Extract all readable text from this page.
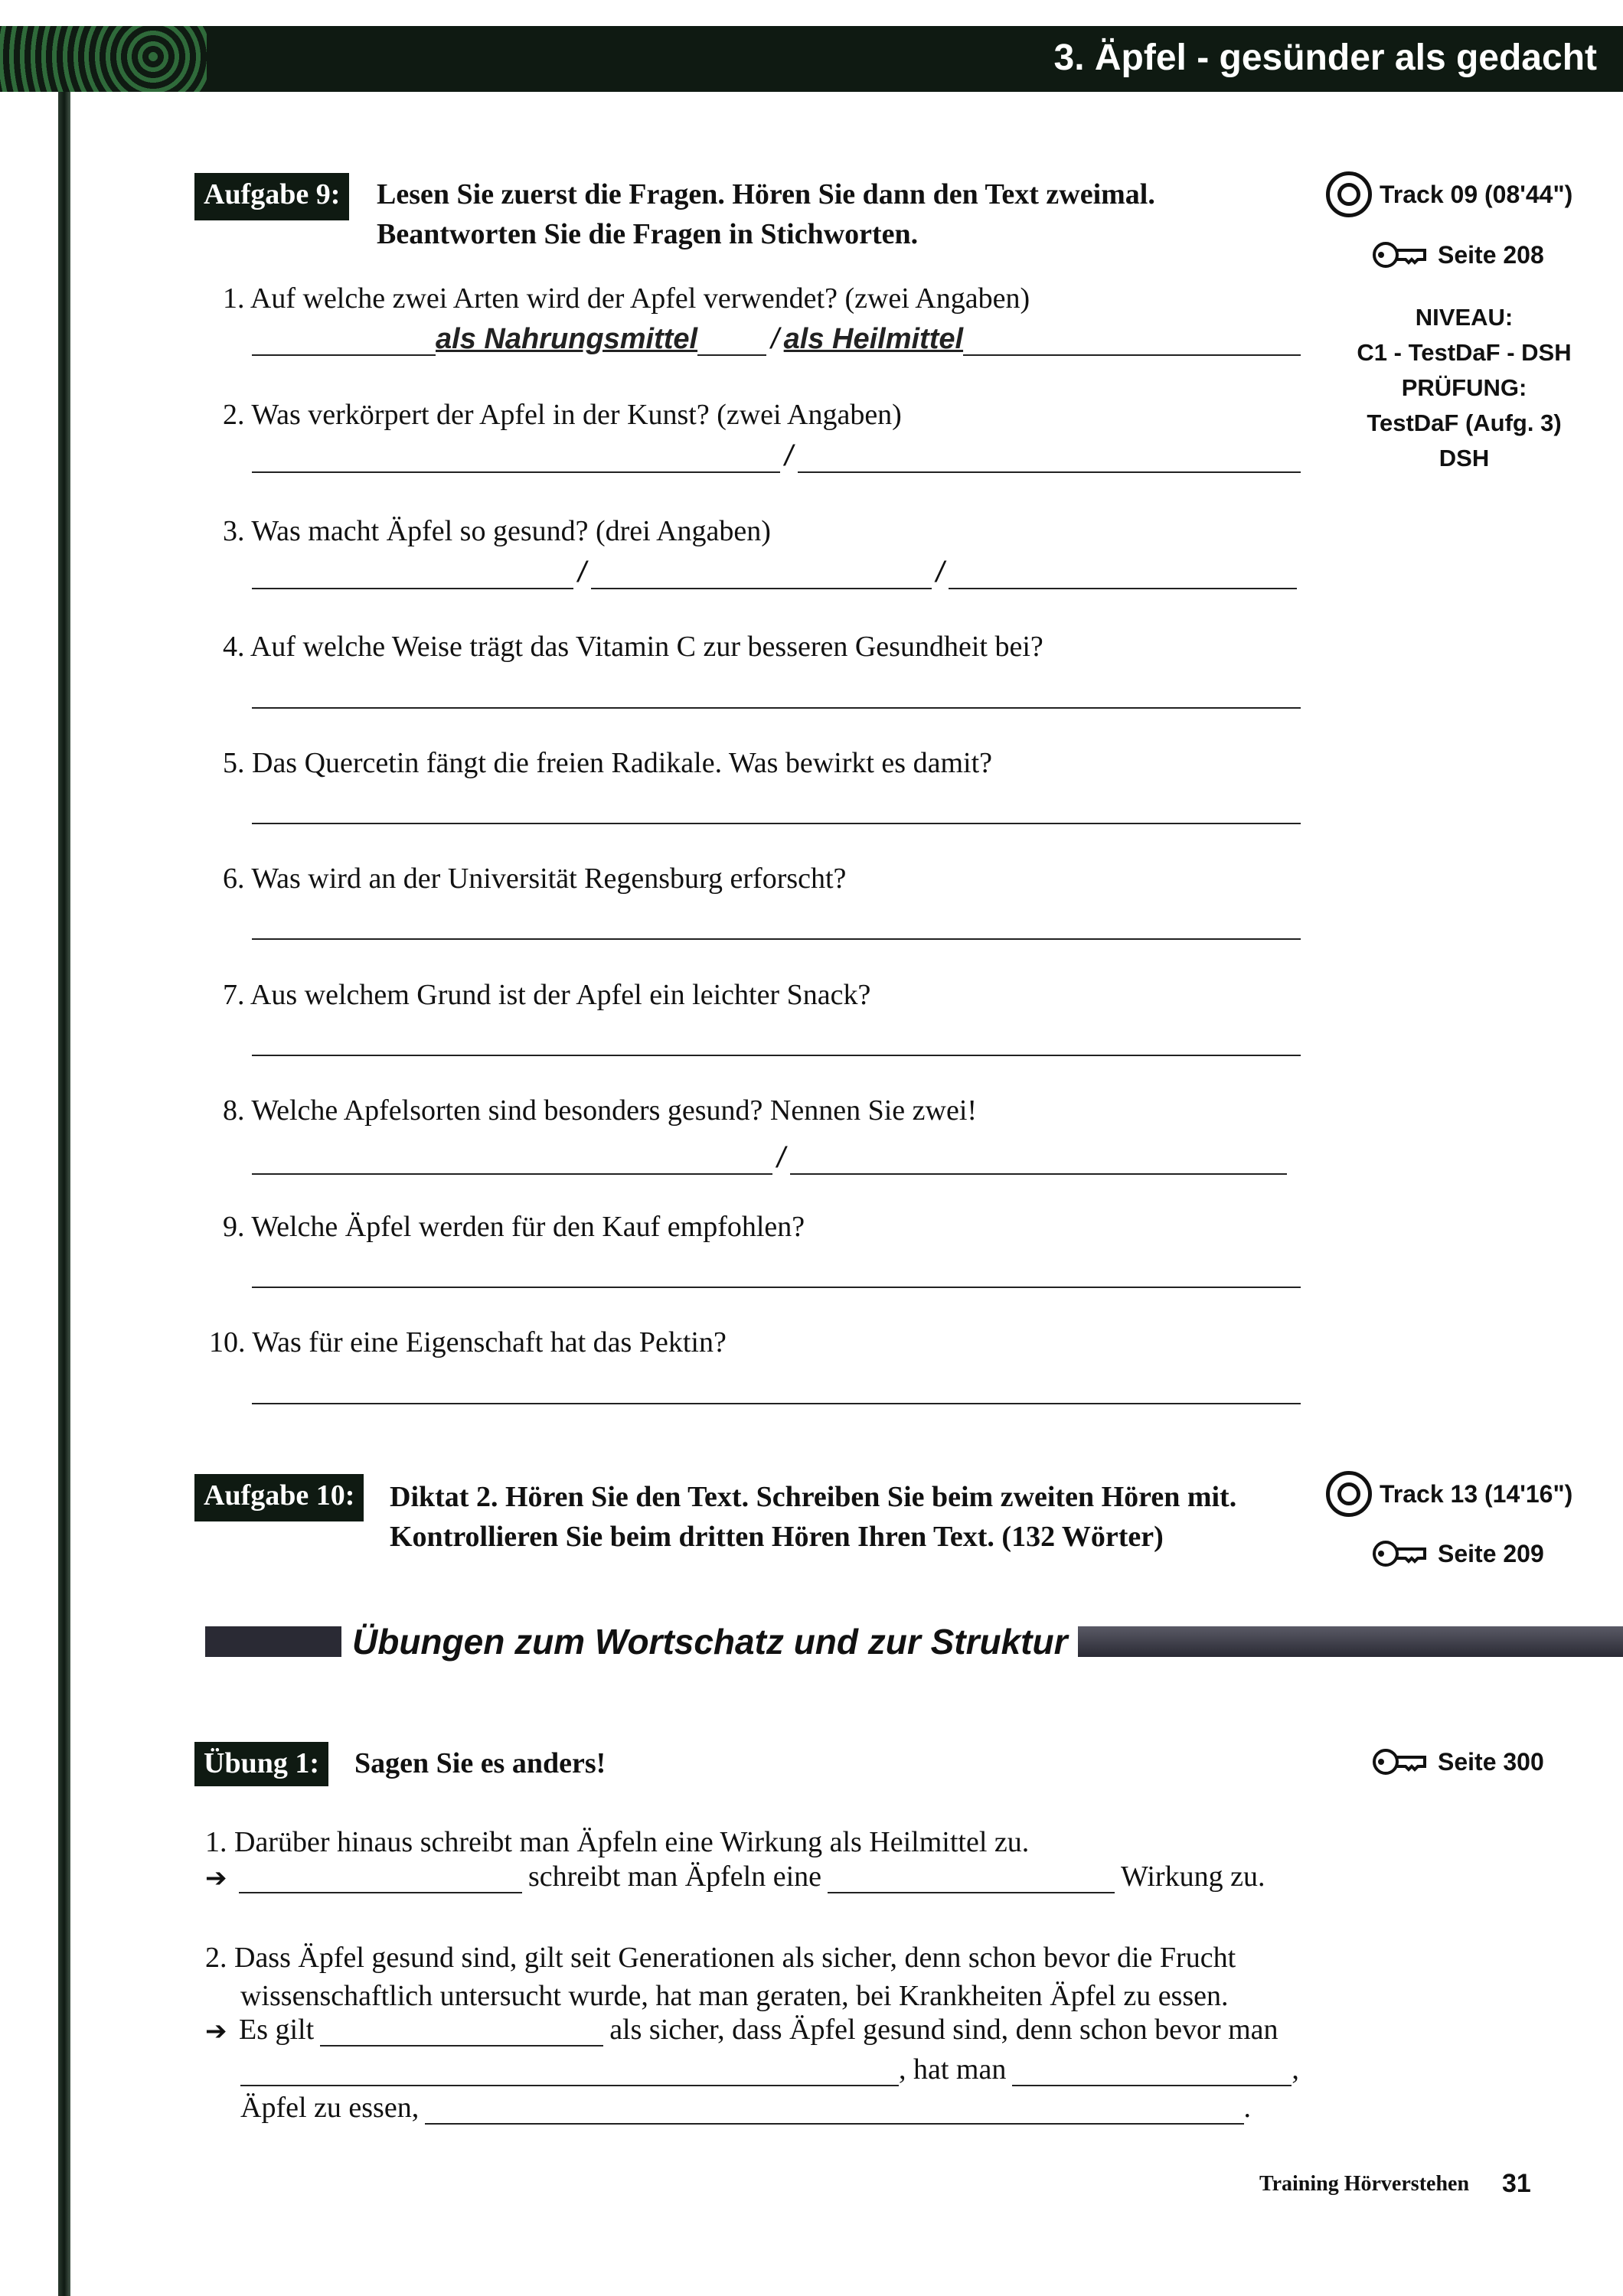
3. Äpfel - gesünder als gedacht
Aufgabe 9:	Lesen Sie zuerst die Fragen. Hören Sie dann den Text zweimal.
Beantworten Sie die Fragen in Stichworten.
Track 09 (08'44")
Seite 208
NIVEAU:
C1 - TestDaF - DSH
PRÜFUNG:
TestDaF (Aufg. 3)
DSH
1. Auf welche zwei Arten wird der Apfel verwendet? (zwei Angaben)
als Nahrungsmittel	/ als Heilmittel
2. Was verkörpert der Apfel in der Kunst? (zwei Angaben)
/
3. Was macht Äpfel so gesund? (drei Angaben)
/	/
4. Auf welche Weise trägt das Vitamin C zur besseren Gesundheit bei?
5. Das Quercetin fängt die freien Radikale. Was bewirkt es damit?
6. Was wird an der Universität Regensburg erforscht?
7. Aus welchem Grund ist der Apfel ein leichter Snack?
8. Welche Apfelsorten sind besonders gesund? Nennen Sie zwei!
/
9. Welche Äpfel werden für den Kauf empfohlen?
10. Was für eine Eigenschaft hat das Pektin?
Aufgabe 10:	Diktat 2. Hören Sie den Text. Schreiben Sie beim zweiten Hören mit.
Kontrollieren Sie beim dritten Hören Ihren Text. (132 Wörter)
Track 13 (14'16")
Seite 209
Übungen zum Wortschatz und zur Struktur
Übung 1:	Sagen Sie es anders!	Seite 300
1. Darüber hinaus schreibt man Äpfeln eine Wirkung als Heilmittel zu.
➔	schreibt man Äpfeln eine	Wirkung zu.
2. Dass Äpfel gesund sind, gilt seit Generationen als sicher, denn schon bevor die Frucht
wissenschaftlich untersucht wurde, hat man geraten, bei Krankheiten Äpfel zu essen.
➔ Es gilt	als sicher, dass Äpfel gesund sind, denn schon bevor man
, hat man	,
Äpfel zu essen,	.
Training Hörverstehen 31
